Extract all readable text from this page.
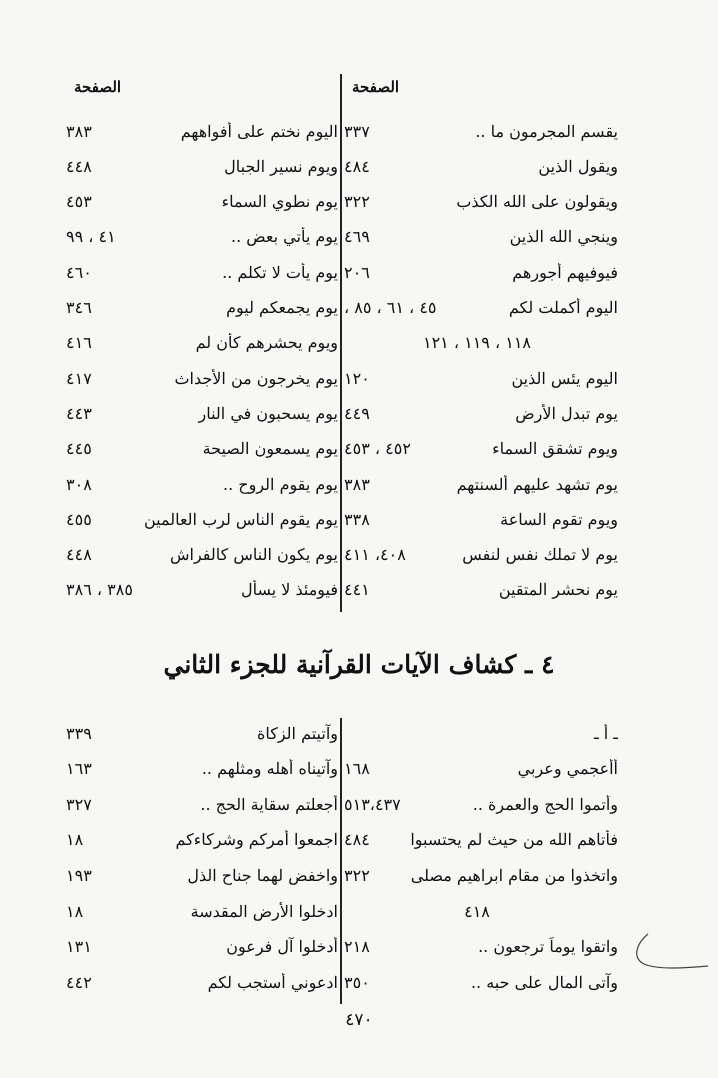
الصفحة
الصفحة
يقسم المجرمون ما ..
٣٣٧
ويقول الذين
٤٨٤
ويقولون على الله الكذب
٣٢٢
وينجي الله الذين
٤٦٩
فيوفيهم أجورهم
٢٠٦
اليوم أكملت لكم
٤٥ ، ٦١ ، ٨٥ ،
١١٨ ، ١١٩ ، ١٢١
اليوم يئس الذين
١٢٠
يوم تبدل الأرض
٤٤٩
ويوم تشقق السماء
٤٥٢ ، ٤٥٣
يوم تشهد عليهم ألسنتهم
٣٨٣
ويوم تقوم الساعة
٣٣٨
يوم لا تملك نفس لنفس
٤٠٨، ٤١١
يوم نحشر المتقين
٤٤١
اليوم نختم على أفواههم
٣٨٣
ويوم نسير الجبال
٤٤٨
يوم نطوي السماء
٤٥٣
يوم يأتي بعض ..
٤١ ، ٩٩
يوم يأت لا تكلم ..
٤٦٠
يوم يجمعكم ليوم
٣٤٦
ويوم يحشرهم كأن لم
٤١٦
يوم يخرجون من الأجداث
٤١٧
يوم يسحبون في النار
٤٤٣
يوم يسمعون الصيحة
٤٤٥
يوم يقوم الروح ..
٣٠٨
يوم يقوم الناس لرب العالمين
٤٥٥
يوم يكون الناس كالفراش
٤٤٨
فيومئذ لا يسأل
٣٨٥ ، ٣٨٦
٤ ـ كشاف الآيات القرآنية للجزء الثاني
ـ أ ـ
أأعجمي وعربي
١٦٨
وأتموا الحج والعمرة ..
٥١٣،٤٣٧
فأتاهم الله من حيث لم يحتسبوا
٤٨٤
واتخذوا من مقام ابراهيم مصلى
٣٢٢
٤١٨
واتقوا يوماً ترجعون ..
٢١٨
وآتى المال على حبه ..
٣٥٠
وآتيتم الزكاة
٣٣٩
وآتيناه أهله ومثلهم ..
١٦٣
أجعلتم سقاية الحج ..
٣٢٧
اجمعوا أمركم وشركاءكم
١٨
واخفض لهما جناح الذل
١٩٣
ادخلوا الأرض المقدسة
١٨
أدخلوا آل فرعون
١٣١
ادعوني أستجب لكم
٤٤٢
٤٧٠
